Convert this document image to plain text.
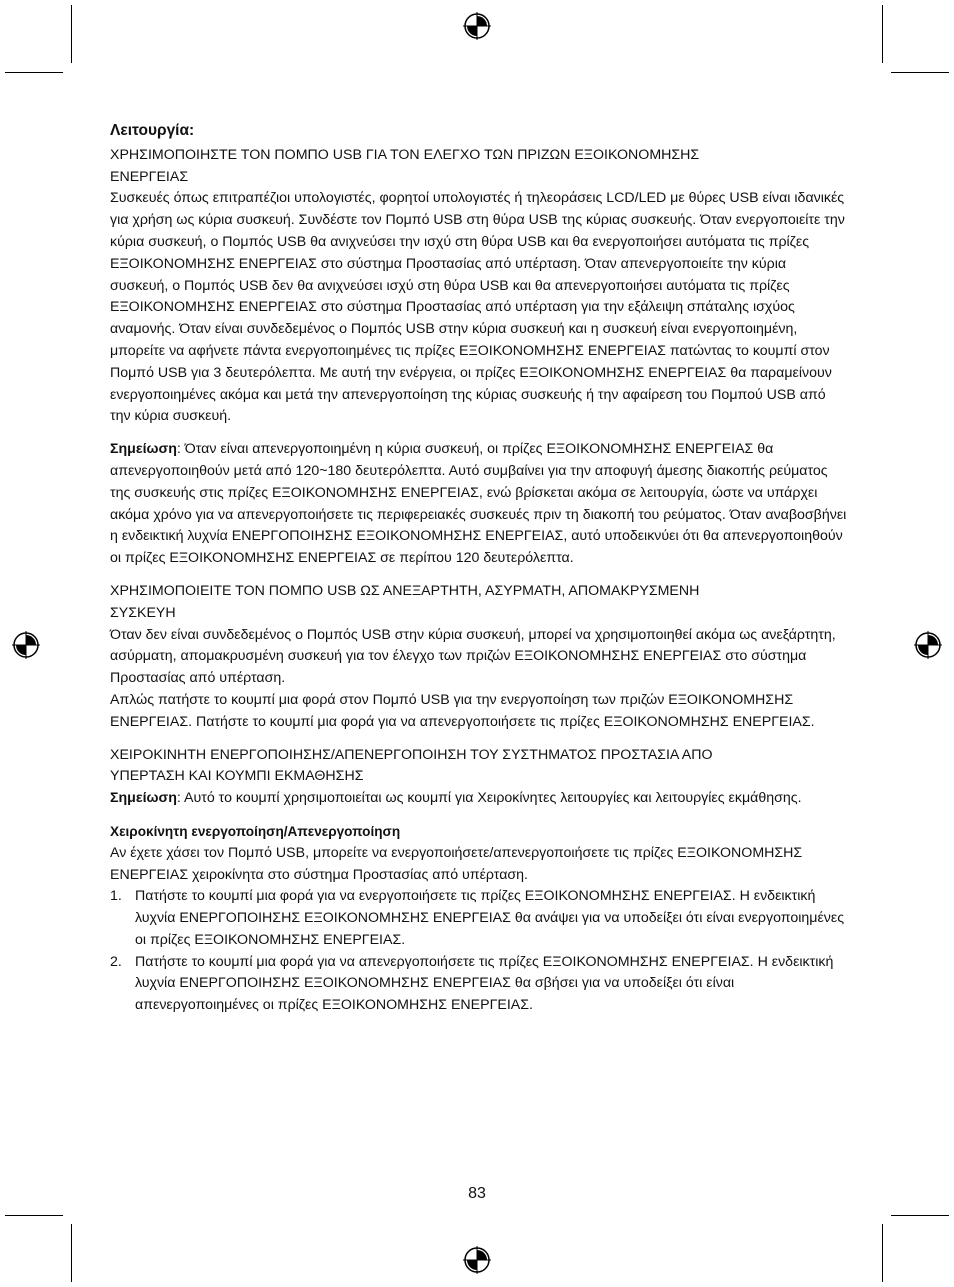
Λειτουργία:

ΧΡΗΣΙΜΟΠΟΙΗΣΤΕ ΤΟΝ ΠΟΜΠΟ USB ΓΙΑ ΤΟΝ ΕΛΕΓΧΟ ΤΩΝ ΠΡΙΖΩΝ ΕΞΟΙΚΟΝΟΜΗΣΗΣ
ΕΝΕΡΓΕΙΑΣ

Συσκευές όπως επιτραπέζιοι υπολογιστές, φορητοί υπολογιστές ή τηλεοράσεις LCD/LED με θύρες USB είναι ιδανικές για χρήση ως κύρια συσκευή. Συνδέστε τον Πομπό USB στη θύρα USB της κύριας συσκευής. Όταν ενεργοποιείτε την κύρια συσκευή, ο Πομπός USB θα ανιχνεύσει την ισχύ στη θύρα USB και θα ενεργοποιήσει αυτόματα τις πρίζες ΕΞΟΙΚΟΝΟΜΗΣΗΣ ΕΝΕΡΓΕΙΑΣ στο σύστημα Προστασίας από υπέρταση. Όταν απενεργοποιείτε την κύρια συσκευή, ο Πομπός USB δεν θα ανιχνεύσει ισχύ στη θύρα USB και θα απενεργοποιήσει αυτόματα τις πρίζες ΕΞΟΙΚΟΝΟΜΗΣΗΣ ΕΝΕΡΓΕΙΑΣ στο σύστημα Προστασίας από υπέρταση για την εξάλειψη σπάταλης ισχύος αναμονής. Όταν είναι συνδεδεμένος ο Πομπός USB στην κύρια συσκευή και η συσκευή είναι ενεργοποιημένη, μπορείτε να αφήνετε πάντα ενεργοποιημένες τις πρίζες ΕΞΟΙΚΟΝΟΜΗΣΗΣ ΕΝΕΡΓΕΙΑΣ πατώντας το κουμπί στον Πομπό USB για 3 δευτερόλεπτα. Με αυτή την ενέργεια, οι πρίζες ΕΞΟΙΚΟΝΟΜΗΣΗΣ ΕΝΕΡΓΕΙΑΣ θα παραμείνουν ενεργοποιημένες ακόμα και μετά την απενεργοποίηση της κύριας συσκευής ή την αφαίρεση του Πομπού USB από την κύρια συσκευή.

Σημείωση: Όταν είναι απενεργοποιημένη η κύρια συσκευή, οι πρίζες ΕΞΟΙΚΟΝΟΜΗΣΗΣ ΕΝΕΡΓΕΙΑΣ θα απενεργοποιηθούν μετά από 120~180 δευτερόλεπτα. Αυτό συμβαίνει για την αποφυγή άμεσης διακοπής ρεύματος της συσκευής στις πρίζες ΕΞΟΙΚΟΝΟΜΗΣΗΣ ΕΝΕΡΓΕΙΑΣ, ενώ βρίσκεται ακόμα σε λειτουργία, ώστε να υπάρχει ακόμα χρόνο για να απενεργοποιήσετε τις περιφερειακές συσκευές πριν τη διακοπή του ρεύματος. Όταν αναβοσβήνει η ενδεικτική λυχνία ΕΝΕΡΓΟΠΟΙΗΣΗΣ ΕΞΟΙΚΟΝΟΜΗΣΗΣ ΕΝΕΡΓΕΙΑΣ, αυτό υποδεικνύει ότι θα απενεργοποιηθούν οι πρίζες ΕΞΟΙΚΟΝΟΜΗΣΗΣ ΕΝΕΡΓΕΙΑΣ σε περίπου 120 δευτερόλεπτα.

ΧΡΗΣΙΜΟΠΟΙΕΙΤΕ ΤΟΝ ΠΟΜΠΟ USB ΩΣ ΑΝΕΞΑΡΤΗΤΗ, ΑΣΥΡΜΑΤΗ, ΑΠΟΜΑΚΡΥΣΜΕΝΗ
ΣΥΣΚΕΥΗ

Όταν δεν είναι συνδεδεμένος ο Πομπός USB στην κύρια συσκευή, μπορεί να χρησιμοποιηθεί ακόμα ως ανεξάρτητη, ασύρματη, απομακρυσμένη συσκευή για τον έλεγχο των πριζών ΕΞΟΙΚΟΝΟΜΗΣΗΣ ΕΝΕΡΓΕΙΑΣ στο σύστημα Προστασίας από υπέρταση.

Απλώς πατήστε το κουμπί μια φορά στον Πομπό USB για την ενεργοποίηση των πριζών ΕΞΟΙΚΟΝΟΜΗΣΗΣ ΕΝΕΡΓΕΙΑΣ. Πατήστε το κουμπί μια φορά για να απενεργοποιήσετε τις πρίζες ΕΞΟΙΚΟΝΟΜΗΣΗΣ ΕΝΕΡΓΕΙΑΣ.

ΧΕΙΡΟΚΙΝΗΤΗ ΕΝΕΡΓΟΠΟΙΗΣΗΣ/ΑΠΕΝΕΡΓΟΠΟΙΗΣΗ ΤΟΥ ΣΥΣΤΗΜΑΤΟΣ ΠΡΟΣΤΑΣΙΑ ΑΠΟ
ΥΠΕΡΤΑΣΗ ΚΑΙ ΚΟΥΜΠΙ ΕΚΜΑΘΗΣΗΣ

Σημείωση: Αυτό το κουμπί χρησιμοποιείται ως κουμπί για Χειροκίνητες λειτουργίες και λειτουργίες εκμάθησης.

Χειροκίνητη ενεργοποίηση/Απενεργοποίηση

Αν έχετε χάσει τον Πομπό USB, μπορείτε να ενεργοποιήσετε/απενεργοποιήσετε τις πρίζες ΕΞΟΙΚΟΝΟΜΗΣΗΣ ΕΝΕΡΓΕΙΑΣ χειροκίνητα στο σύστημα Προστασίας από υπέρταση.

1. Πατήστε το κουμπί μια φορά για να ενεργοποιήσετε τις πρίζες ΕΞΟΙΚΟΝΟΜΗΣΗΣ ΕΝΕΡΓΕΙΑΣ. Η ενδεικτική λυχνία ΕΝΕΡΓΟΠΟΙΗΣΗΣ ΕΞΟΙΚΟΝΟΜΗΣΗΣ ΕΝΕΡΓΕΙΑΣ θα ανάψει για να υποδείξει ότι είναι ενεργοποιημένες οι πρίζες ΕΞΟΙΚΟΝΟΜΗΣΗΣ ΕΝΕΡΓΕΙΑΣ.
2. Πατήστε το κουμπί μια φορά για να απενεργοποιήσετε τις πρίζες ΕΞΟΙΚΟΝΟΜΗΣΗΣ ΕΝΕΡΓΕΙΑΣ. Η ενδεικτική λυχνία ΕΝΕΡΓΟΠΟΙΗΣΗΣ ΕΞΟΙΚΟΝΟΜΗΣΗΣ ΕΝΕΡΓΕΙΑΣ θα σβήσει για να υποδείξει ότι είναι απενεργοποιημένες οι πρίζες ΕΞΟΙΚΟΝΟΜΗΣΗΣ ΕΝΕΡΓΕΙΑΣ.
83
